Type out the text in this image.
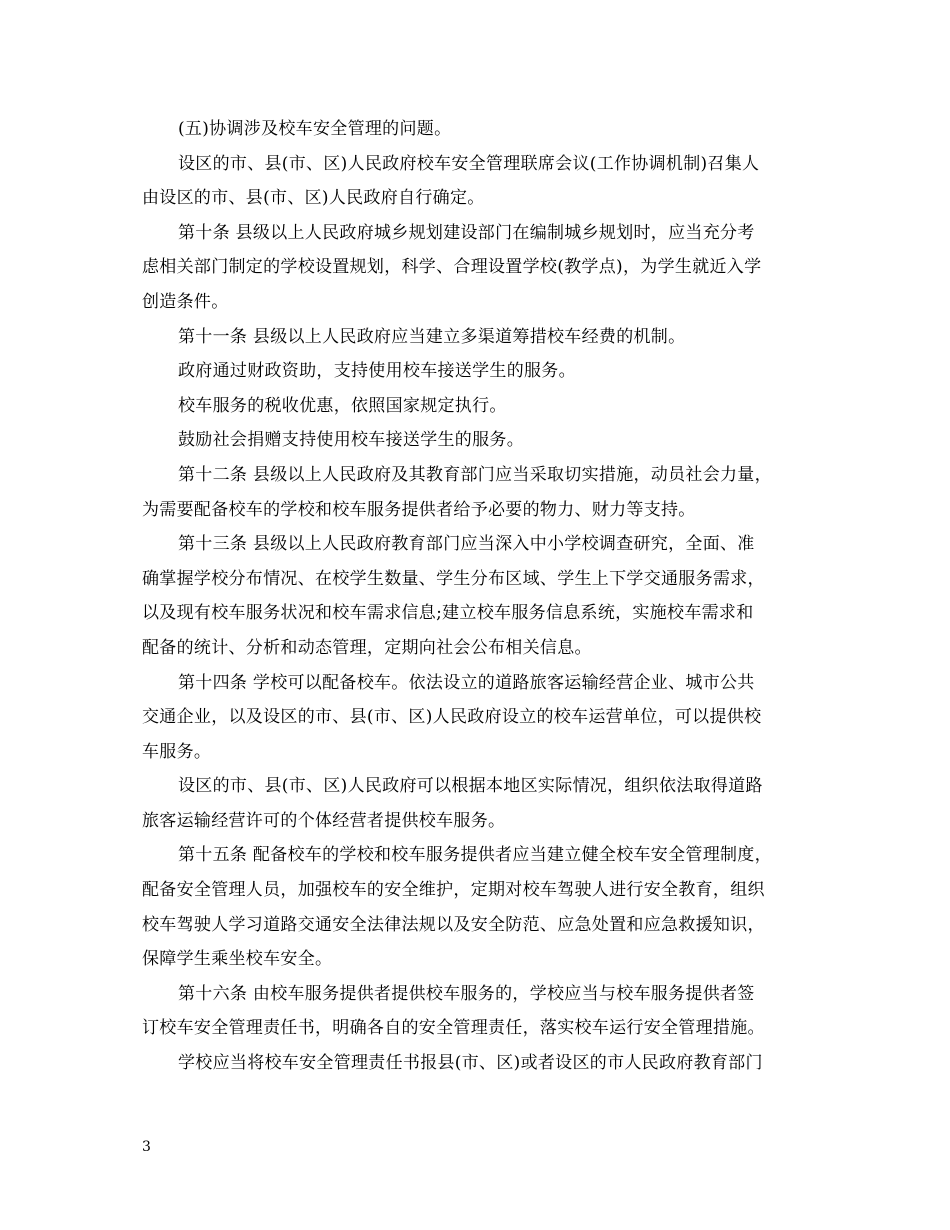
(五)协调涉及校车安全管理的问题。
设区的市、县(市、区)人民政府校车安全管理联席会议(工作协调机制)召集人
由设区的市、县(市、区)人民政府自行确定。
第十条 县级以上人民政府城乡规划建设部门在编制城乡规划时，应当充分考
虑相关部门制定的学校设置规划，科学、合理设置学校(教学点)，为学生就近入学
创造条件。
第十一条 县级以上人民政府应当建立多渠道筹措校车经费的机制。
政府通过财政资助，支持使用校车接送学生的服务。
校车服务的税收优惠，依照国家规定执行。
鼓励社会捐赠支持使用校车接送学生的服务。
第十二条 县级以上人民政府及其教育部门应当采取切实措施，动员社会力量，
为需要配备校车的学校和校车服务提供者给予必要的物力、财力等支持。
第十三条 县级以上人民政府教育部门应当深入中小学校调查研究，全面、准
确掌握学校分布情况、在校学生数量、学生分布区域、学生上下学交通服务需求，
以及现有校车服务状况和校车需求信息;建立校车服务信息系统，实施校车需求和
配备的统计、分析和动态管理，定期向社会公布相关信息。
第十四条 学校可以配备校车。依法设立的道路旅客运输经营企业、城市公共
交通企业，以及设区的市、县(市、区)人民政府设立的校车运营单位，可以提供校
车服务。
设区的市、县(市、区)人民政府可以根据本地区实际情况，组织依法取得道路
旅客运输经营许可的个体经营者提供校车服务。
第十五条 配备校车的学校和校车服务提供者应当建立健全校车安全管理制度，
配备安全管理人员，加强校车的安全维护，定期对校车驾驶人进行安全教育，组织
校车驾驶人学习道路交通安全法律法规以及安全防范、应急处置和应急救援知识，
保障学生乘坐校车安全。
第十六条 由校车服务提供者提供校车服务的，学校应当与校车服务提供者签
订校车安全管理责任书，明确各自的安全管理责任，落实校车运行安全管理措施。
学校应当将校车安全管理责任书报县(市、区)或者设区的市人民政府教育部门
3
